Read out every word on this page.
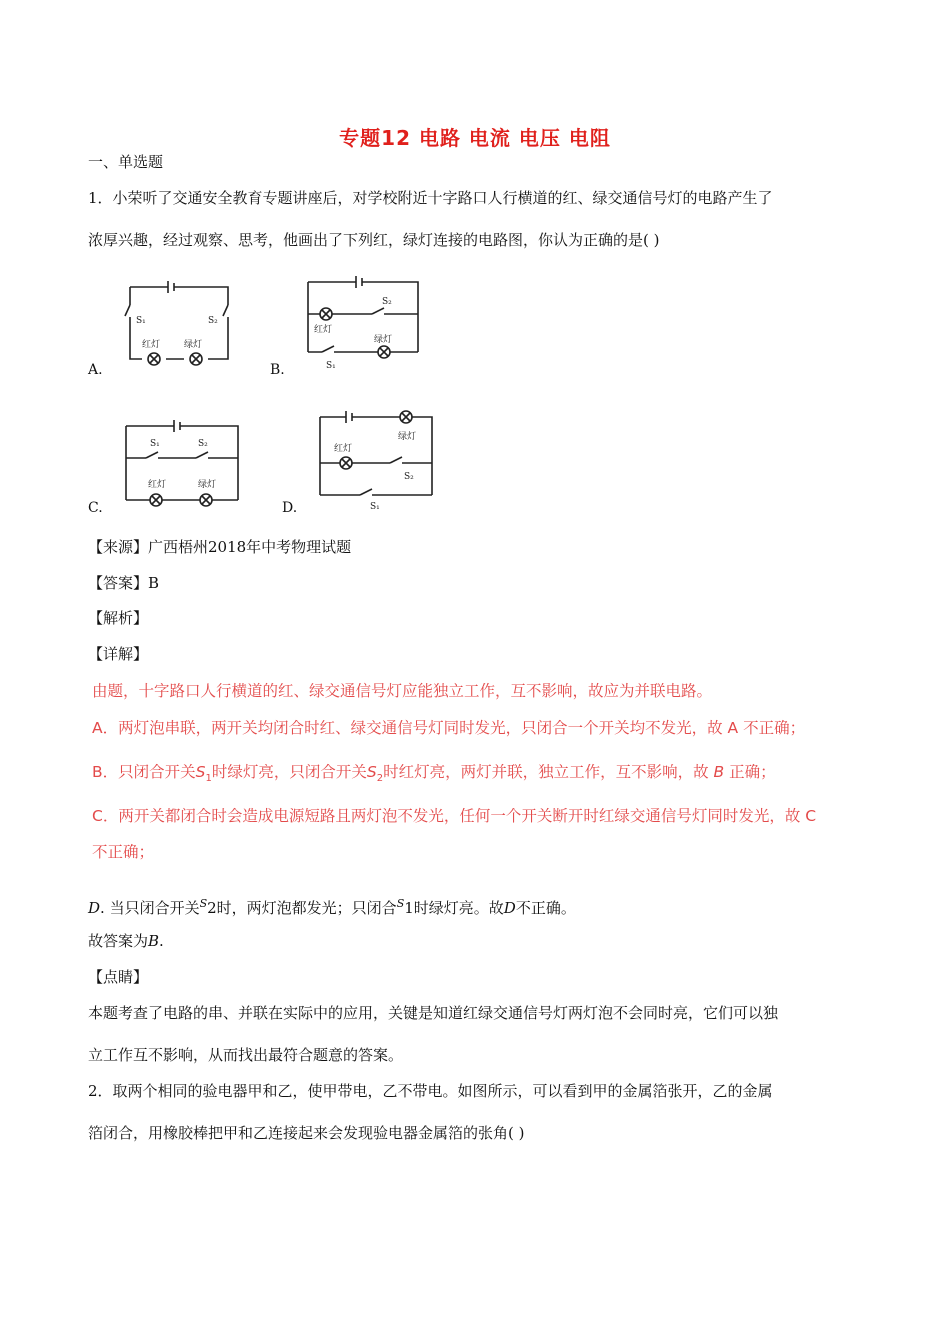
专题12 电路 电流 电压 电阻
一、单选题
1．小荣听了交通安全教育专题讲座后，对学校附近十字路口人行横道的红、绿交通信号灯的电路产生了
浓厚兴趣，经过观察、思考，他画出了下列红，绿灯连接的电路图，你认为正确的是( )
A.
S₁	S₂
红灯	绿灯
B.
S₂
红灯
绿灯
S₁
C.
S₁	S₂
红灯	绿灯
D.
绿灯
红灯
S₂
S₁
【来源】广西梧州2018年中考物理试题
【答案】B
【解析】
【详解】
由题，十字路口人行横道的红、绿交通信号灯应能独立工作，互不影响，故应为并联电路。
A．两灯泡串联，两开关均闭合时红、绿交通信号灯同时发光，只闭合一个开关均不发光，故 A 不正确；
B．只闭合开关$S_1$时绿灯亮，只闭合开关$S_2$时红灯亮，两灯并联，独立工作，互不影响，故 B 正确；
C．两开关都闭合时会造成电源短路且两灯泡不发光，任何一个开关断开时红绿交通信号灯同时发光，故 C
不正确；
D. 当只闭合开关$^S$2时，两灯泡都发光；只闭合$^S$1时绿灯亮。故D不正确。
故答案为B.
【点睛】
本题考查了电路的串、并联在实际中的应用，关键是知道红绿交通信号灯两灯泡不会同时亮，它们可以独
立工作互不影响，从而找出最符合题意的答案。
2．取两个相同的验电器甲和乙，使甲带电，乙不带电。如图所示，可以看到甲的金属箔张开，乙的金属
箔闭合，用橡胶棒把甲和乙连接起来会发现验电器金属箔的张角( )
